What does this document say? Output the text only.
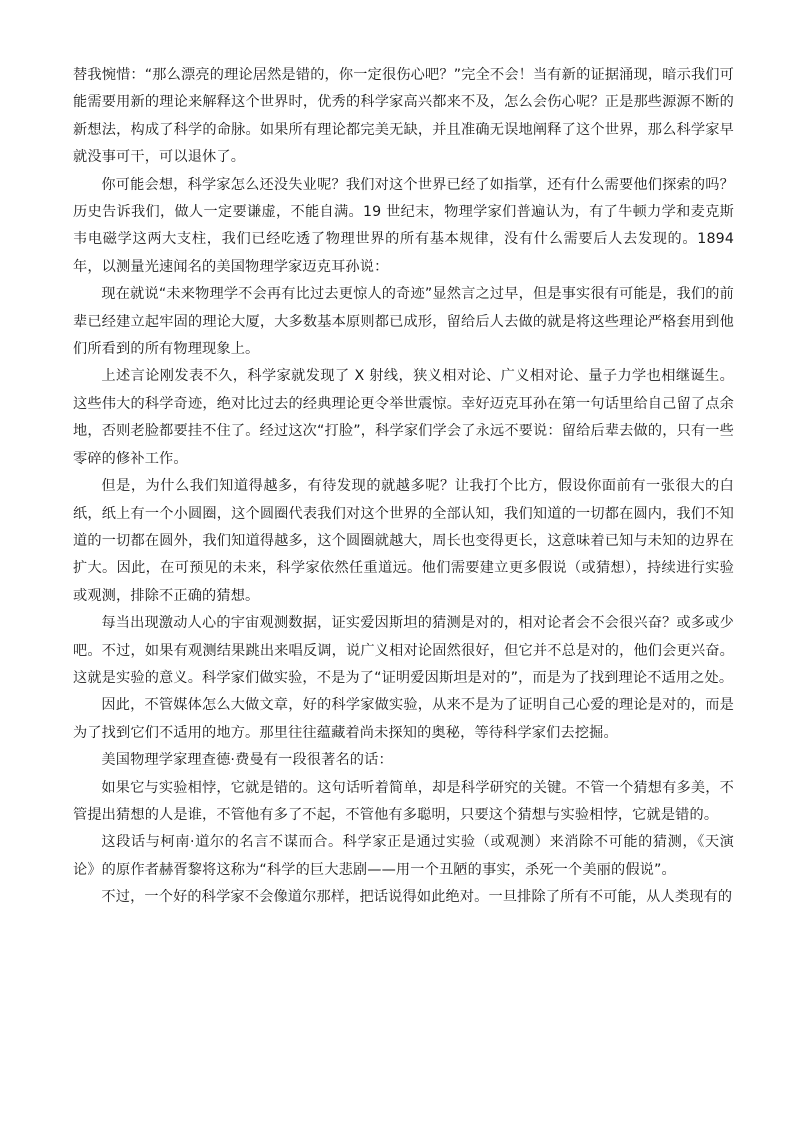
替我惋惜：“那么漂亮的理论居然是错的，你一定很伤心吧？”完全不会！当有新的证据涌现，暗示我们可能需要用新的理论来解释这个世界时，优秀的科学家高兴都来不及，怎么会伤心呢？正是那些源源不断的新想法，构成了科学的命脉。如果所有理论都完美无缺，并且准确无误地阐释了这个世界，那么科学家早就没事可干，可以退休了。

你可能会想，科学家怎么还没失业呢？我们对这个世界已经了如指掌，还有什么需要他们探索的吗？历史告诉我们，做人一定要谦虚，不能自满。19 世纪末，物理学家们普遍认为，有了牛顿力学和麦克斯韦电磁学这两大支柱，我们已经吃透了物理世界的所有基本规律，没有什么需要后人去发现的。1894 年，以测量光速闻名的美国物理学家迈克耳孙说：

现在就说“未来物理学不会再有比过去更惊人的奇迹”显然言之过早，但是事实很有可能是，我们的前辈已经建立起牢固的理论大厦，大多数基本原则都已成形，留给后人去做的就是将这些理论严格套用到他们所看到的所有物理现象上。

上述言论刚发表不久，科学家就发现了 X 射线，狭义相对论、广义相对论、量子力学也相继诞生。这些伟大的科学奇迹，绝对比过去的经典理论更令举世震惊。幸好迈克耳孙在第一句话里给自己留了点余地，否则老脸都要挂不住了。经过这次“打脸”，科学家们学会了永远不要说：留给后辈去做的，只有一些零碎的修补工作。

但是，为什么我们知道得越多，有待发现的就越多呢？让我打个比方，假设你面前有一张很大的白纸，纸上有一个小圆圈，这个圆圈代表我们对这个世界的全部认知，我们知道的一切都在圆内，我们不知道的一切都在圆外，我们知道得越多，这个圆圈就越大，周长也变得更长，这意味着已知与未知的边界在扩大。因此，在可预见的未来，科学家依然任重道远。他们需要建立更多假说（或猜想），持续进行实验或观测，排除不正确的猜想。

每当出现激动人心的宇宙观测数据，证实爱因斯坦的猜测是对的，相对论者会不会很兴奋？或多或少吧。不过，如果有观测结果跳出来唱反调，说广义相对论固然很好，但它并不总是对的，他们会更兴奋。这就是实验的意义。科学家们做实验，不是为了“证明爱因斯坦是对的”，而是为了找到理论不适用之处。

因此，不管媒体怎么大做文章，好的科学家做实验，从来不是为了证明自己心爱的理论是对的，而是为了找到它们不适用的地方。那里往往蕴藏着尚未探知的奥秘，等待科学家们去挖掘。

美国物理学家理查德·费曼有一段很著名的话：

如果它与实验相悖，它就是错的。这句话听着简单，却是科学研究的关键。不管一个猜想有多美，不管提出猜想的人是谁，不管他有多了不起，不管他有多聪明，只要这个猜想与实验相悖，它就是错的。

这段话与柯南·道尔的名言不谋而合。科学家正是通过实验（或观测）来消除不可能的猜测，《天演论》的原作者赫胥黎将这称为“科学的巨大悲剧——用一个丑陋的事实，杀死一个美丽的假说”。

不过，一个好的科学家不会像道尔那样，把话说得如此绝对。一旦排除了所有不可能，从人类现有的
